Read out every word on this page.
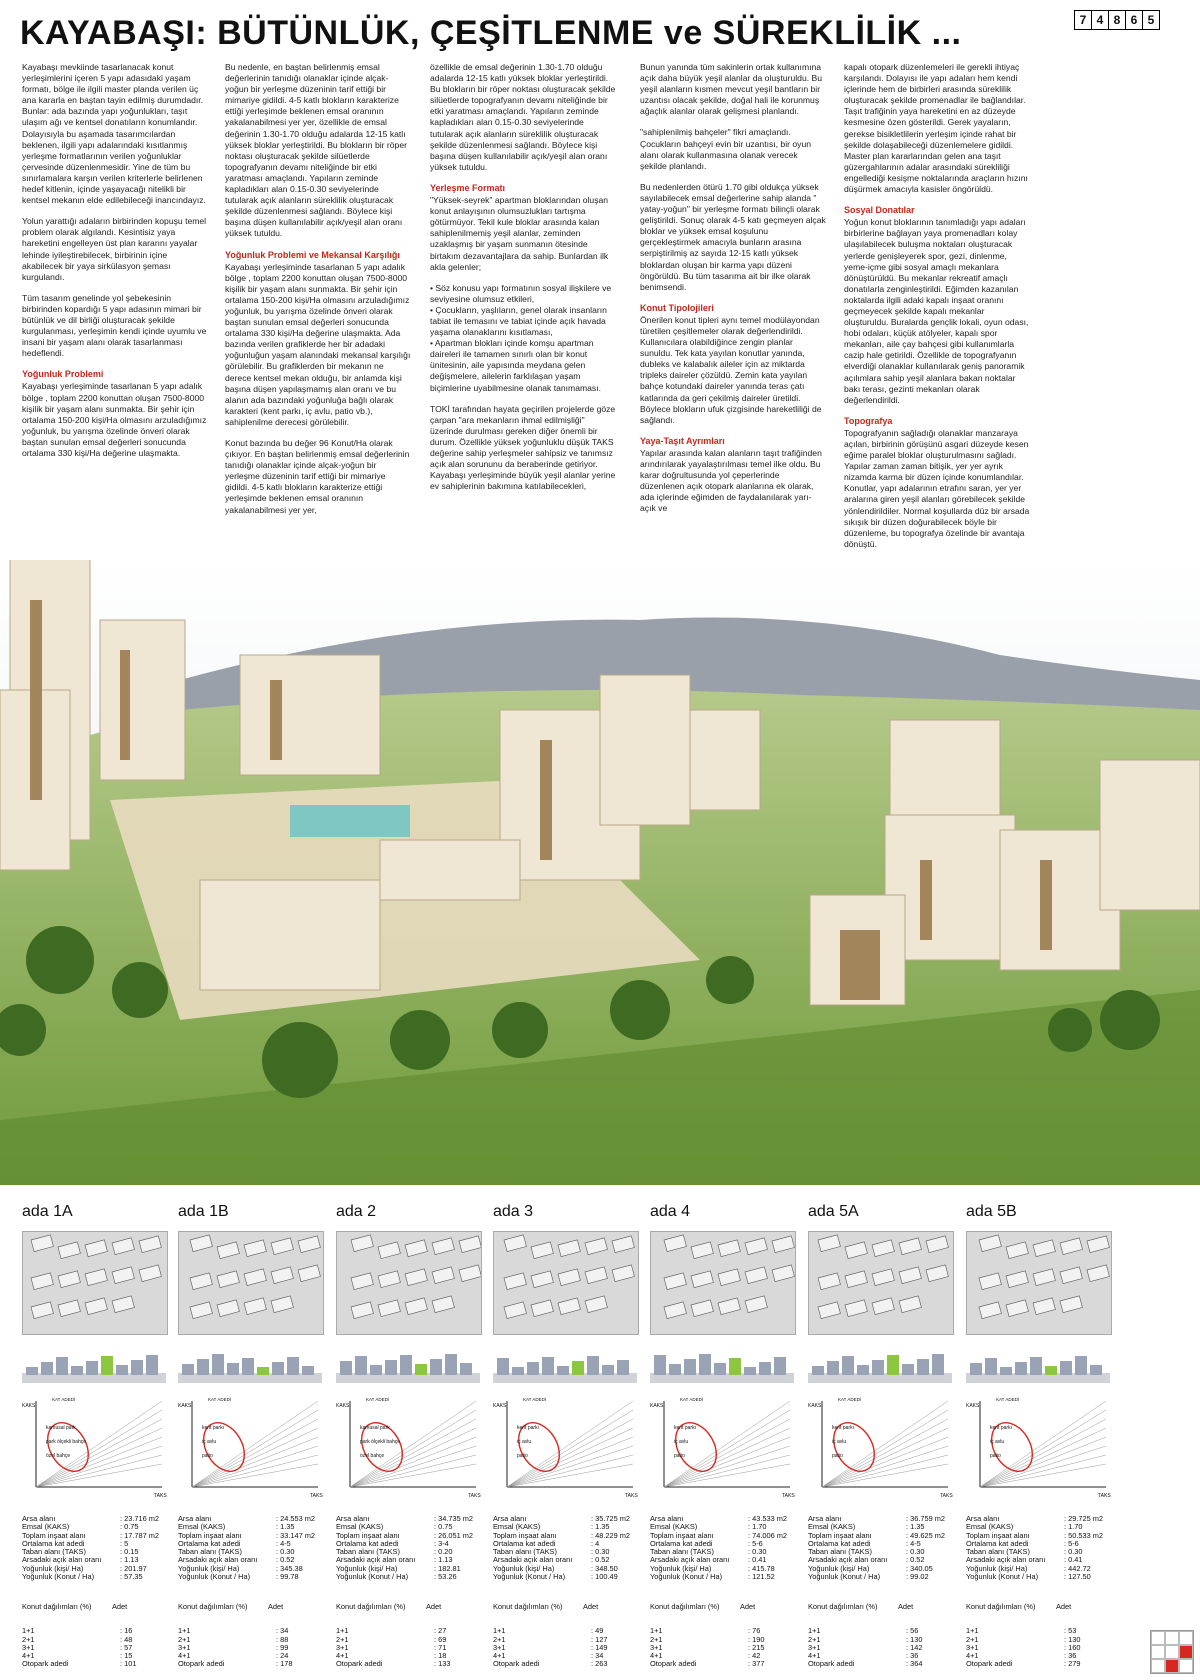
KAYABAŞI: BÜTÜNLÜK, ÇEŞİTLENME ve SÜREKLİLİK ...	7 4 8 6 5

Kayabaşı mevkiinde tasarlanacak konut yerleşimlerini içeren 5 yapı adasıdaki yaşam formatı, bölge ile ilgili master planda verilen üç ana kararla en baştan tayin edilmiş durumdadır. Bunlar: ada bazında yapı yoğunlukları, taşıt ulaşım ağı ve kentsel donatıların konumlandır. Dolayısıyla bu aşamada tasarımcılardan beklenen, ilgili yapı adalarındaki kısıtlanmış yerleşme formatlarının verilen yoğunluklar çervesinde düzenlenmesidir. Yine de tüm bu sınırlamalara karşın verilen kriterlerle belirlenen hedef kitlenin, içinde yaşayacağı nitelikli bir kentsel mekanın elde edilebileceği inancındayız.

Yolun yarattığı adaların birbirinden kopuşu temel problem olarak algılandı. Kesintisiz yaya hareketini engelleyen üst plan kararını yayalar lehinde iyileştirebilecek, birbirinin içine akabilecek bir yaya sirkülasyon şeması kurgulandı.

Tüm tasarım genelinde yol şebekesinin birbirinden kopardığı 5 yapı adasının mimari bir bütünlük ve dil birliği oluşturacak şekilde kurgulanması, yerleşimin kendi içinde uyumlu ve insani bir yaşam alanı olarak tasarlanması hedeflendi.

Yoğunluk Problemi

Kayabaşı yerleşiminde tasarlanan 5 yapı adalık bölge , toplam 2200 konuttan oluşan 7500-8000 kişilik bir yaşam alanı sunmakta. Bir şehir için ortalama 150-200 kişi/Ha olmasını arzuladığımız yoğunluk, bu yarışma özelinde önveri olarak baştan sunulan emsal değerleri sonucunda ortalama 330 kişi/Ha değerine ulaşmakta.

Bu nedenle, en baştan belirlenmiş emsal değerlerinin tanıdığı olanaklar içinde alçak-yoğun bir yerleşme düzeninin tarif ettiği bir mimariye gidildi. 4-5 katlı blokların karakterize ettiği yerleşimde beklenen emsal oranının yakalanabilmesi yer yer, özellikle de emsal değerinin 1.30-1.70 olduğu adalarda 12-15 katlı yüksek bloklar yerleştirildi. Bu blokların bir röper noktası oluşturacak şekilde silüetlerde topografyanın devamı niteliğinde bir etki yaratması amaçlandı. Yapıların zeminde kapladıkları alan 0.15-0.30 seviyelerinde tutularak açık alanların süreklilik oluşturacak şekilde düzenlenmesi sağlandı. Böylece kişi başına düşen kullanılabilir açık/yeşil alan oranı yüksek tutuldu.

Yoğunluk Problemi ve Mekansal Karşılığı

Kayabaşı yerleşiminde tasarlanan 5 yapı adalık bölge , toplam 2200 konuttan oluşan 7500-8000 kişilik bir yaşam alanı sunmakta. Bir şehir için ortalama 150-200 kişi/Ha olmasını arzuladığımız yoğunluk, bu yarışma özelinde önveri olarak baştan sunulan emsal değerleri sonucunda ortalama 330 kişi/Ha değerine ulaşmakta. Ada bazında verilen grafiklerde her bir adadaki yoğunluğun yaşam alanındaki mekansal karşılığı görülebilir. Bu grafiklerden bir mekanın ne derece kentsel mekan olduğu, bir anlamda kişi başına düşen yapılaşmamış alan oranı ve bu alanın ada bazındaki yoğunluğa bağlı olarak karakteri (kent parkı, iç avlu, patio vb.), sahiplenilme derecesi görülebilir.

Konut bazında bu değer 96 Konut/Ha olarak çıkıyor. En baştan belirlenmiş emsal değerlerinin tanıdığı olanaklar içinde alçak-yoğun bir yerleşme düzeninin tarif ettiği bir mimariye gidildi. 4-5 katlı blokların karakterize ettiği yerleşimde beklenen emsal oranının yakalanabilmesi yer yer,

özellikle de emsal değerinin 1.30-1.70 olduğu adalarda 12-15 katlı yüksek bloklar yerleştirildi. Bu blokların bir röper noktası oluşturacak şekilde silüetlerde topografyanın devamı niteliğinde bir etki yaratması amaçlandı. Yapıların zeminde kapladıkları alan 0.15-0.30 seviyelerinde tutularak açık alanların süreklilik oluşturacak şekilde düzenlenmesi sağlandı. Böylece kişi başına düşen kullanılabilir açık/yeşil alan oranı yüksek tutuldu.

Yerleşme Formatı

"Yüksek-seyrek" apartman bloklarından oluşan konut anlayışının olumsuzlukları tartışma götürmüyor. Tekil kule bloklar arasında kalan sahiplenilmemiş yeşil alanlar, zeminden uzaklaşmış bir yaşam sunmanın ötesinde birtakım dezavantajlara da sahip. Bunlardan ilk akla gelenler;

• Söz konusu yapı formatının sosyal ilişkilere ve seviyesine olumsuz etkileri,
• Çocukların, yaşlıların, genel olarak insanların tabiat ile temasını ve tabiat içinde açık havada yaşama olanaklarını kısıtlaması,
• Apartman blokları içinde komşu apartman daireleri ile tamamen sınırlı olan bir konut ünitesinin, aile yapısında meydana gelen değişmelere, ailelerin farklılaşan yaşam biçimlerine uyabilmesine olanak tanımaması.

TOKİ tarafından hayata geçirilen projelerde göze çarpan "ara mekanların ihmal edilmişliği" üzerinde durulması gereken diğer önemli bir durum. Özellikle yüksek yoğunluklu düşük TAKS değerine sahip yerleşmeler sahipsiz ve tanımsız açık alan sorununu da beraberinde getiriyor. Kayabaşı yerleşiminde büyük yeşil alanlar yerine ev sahiplerinin bakımına katılabilecekleri,

Bunun yanında tüm sakinlerin ortak kullanımına açık daha büyük yeşil alanlar da oluşturuldu. Bu yeşil alanların kısmen mevcut yeşil bantların bir uzantısı olacak şekilde, doğal hali ile korunmuş ağaçlık alanlar olarak gelişmesi planlandı.

"sahiplenilmiş bahçeler" fikri amaçlandı. Çocukların bahçeyi evin bir uzantısı, bir oyun alanı olarak kullanmasına olanak verecek şekilde planlandı.

Bu nedenlerden ötürü 1.70 gibi oldukça yüksek sayılabilecek emsal değerlerine sahip alanda " yatay-yoğun" bir yerleşme formatı bilinçli olarak geliştirildi. Sonuç olarak 4-5 katı geçmeyen alçak bloklar ve yüksek emsal koşulunu gerçekleştirmek amacıyla bunların arasına serpiştirilmiş az sayıda 12-15 katlı yüksek bloklardan oluşan bir karma yapı düzeni öngörüldü. Bu tüm tasarıma ait bir ilke olarak benimsendi.

Konut Tipolojileri

Önerilen konut tipleri aynı temel modülayondan türetilen çeşitlemeler olarak değerlendirildi. Kullanıcılara olabildiğince zengin planlar sunuldu. Tek kata yayılan konutlar yanında, dubleks ve kalabalık aileler için az miktarda tripleks daireler çözüldü. Zemin kata yayılan bahçe kotundaki daireler yanında teras çatı katlarında da geri çekilmiş daireler üretildi. Böylece blokların ufuk çizgisinde hareketliliği de sağlandı.

Yaya-Taşıt Ayrımları

Yapılar arasında kalan alanların taşıt trafiğinden arındırılarak yayalaştırılması temel ilke oldu. Bu karar doğrultusunda yol çeperlerinde düzenlenen açık otopark alanlarına ek olarak, ada içlerinde eğimden de faydalanılarak yarı-açık ve

kapalı otopark düzenlemeleri ile gerekli ihtiyaç karşılandı. Dolayısı ile yapı adaları hem kendi içlerinde hem de birbirleri arasında süreklilik oluşturacak şekilde promenadlar ile bağlandılar. Taşıt trafiğinin yaya hareketini en az düzeyde kesmesine özen gösterildi. Gerek yayaların, gerekse bisikletlilerin yerleşim içinde rahat bir şekilde dolaşabileceği düzenlemelere gidildi. Master plan kararlarından gelen ana taşıt güzergahlarının adalar arasındaki sürekliliği engellediği kesişme noktalarında araçların hızını düşürmek amacıyla kasisler öngörüldü.

Sosyal Donatılar

Yoğun konut bloklarının tanımladığı yapı adaları birbirlerine bağlayan yaya promenadları kolay ulaşılabilecek buluşma noktaları oluşturacak yerlerde genişleyerek spor, gezi, dinlenme, yeme-içme gibi sosyal amaçlı mekanlara dönüştürüldü. Bu mekanlar rekreatif amaçlı donatılarla zenginleştirildi. Eğimden kazanılan noktalarda ilgili adaki kapalı inşaat oranını geçmeyecek şekilde kapalı mekanlar oluşturuldu. Buralarda gençlik lokali, oyun odası, hobi odaları, küçük atölyeler, kapalı spor mekanları, aile çay bahçesi gibi kullanımlarla cazip hale getirildi. Özellikle de topografyanın elverdiği olanaklar kullanılarak geniş panoramik açılımlara sahip yeşil alanlara bakan noktalar bakı terası, gezinti mekanları olarak değerlendirildi.

Topografya

Topografyanın sağladığı olanaklar manzaraya açılan, birbirinin görüşünü asgari düzeyde kesen eğime paralel bloklar oluşturulmasını sağladı. Yapılar zaman zaman bitişik, yer yer ayrık nizamda karma bir düzen içinde konumlandılar. Konutlar, yapı adalarının etrafını saran, yer yer aralarına giren yeşil alanları görebilecek şekilde yönlendirildiler. Normal koşullarda düz bir arsada sıkışık bir düzen doğurabilecek böyle bir düzenleme, bu topografya özelinde bir avantaja dönüştü.

ada 1A
KAKS
TAKS
KAT ADEDİ
kamusal park
park ölçekli bahçe
özel bahçe
Arsa alanı	: 23.716 m2
Emsal (KAKS)	: 0.75
Toplam inşaat alanı	: 17.787 m2
Ortalama kat adedi	: 5
Taban alanı (TAKS)	: 0.15
Arsadaki açık alan oranı	: 1.13
Yoğunluk (kişi/ Ha)	: 201.97
Yoğunluk (Konut / Ha)	: 57.35
Konut dağılımları (%)	Adet
1+1	: 16
2+1	: 48
3+1	: 57
4+1	: 15
Otopark adedi	: 101
ada 1B
KAKS
TAKS
KAT ADEDİ
kent parkı
iç avlu
patio
Arsa alanı	: 24.553 m2
Emsal (KAKS)	: 1.35
Toplam inşaat alanı	: 33.147 m2
Ortalama kat adedi	: 4-5
Taban alanı (TAKS)	: 0.30
Arsadaki açık alan oranı	: 0.52
Yoğunluk (kişi/ Ha)	: 345.38
Yoğunluk (Konut / Ha)	: 99.78
Konut dağılımları (%)	Adet
1+1	: 34
2+1	: 88
3+1	: 99
4+1	: 24
Otopark adedi	: 178
ada 2
KAKS
TAKS
KAT ADEDİ
kamusal park
park ölçekli bahçe
özel bahçe
Arsa alanı	: 34.735 m2
Emsal (KAKS)	: 0.75
Toplam inşaat alanı	: 26.051 m2
Ortalama kat adedi	: 3-4
Taban alanı (TAKS)	: 0.20
Arsadaki açık alan oranı	: 1.13
Yoğunluk (kişi/ Ha)	: 182.81
Yoğunluk (Konut / Ha)	: 53.26
Konut dağılımları (%)	Adet
1+1	: 27
2+1	: 69
3+1	: 71
4+1	: 18
Otopark adedi	: 133
ada 3
KAKS
TAKS
KAT ADEDİ
kent parkı
iç avlu
patio
Arsa alanı	: 35.725 m2
Emsal (KAKS)	: 1.35
Toplam inşaat alanı	: 48.229 m2
Ortalama kat adedi	: 4
Taban alanı (TAKS)	: 0.30
Arsadaki açık alan oranı	: 0.52
Yoğunluk (kişi/ Ha)	: 348.50
Yoğunluk (Konut / Ha)	: 100.49
Konut dağılımları (%)	Adet
1+1	: 49
2+1	: 127
3+1	: 149
4+1	: 34
Otopark adedi	: 263
ada 4
KAKS
TAKS
KAT ADEDİ
kent parkı
iç avlu
patio
Arsa alanı	: 43.533 m2
Emsal (KAKS)	: 1.70
Toplam inşaat alanı	: 74.006 m2
Ortalama kat adedi	: 5-6
Taban alanı (TAKS)	: 0.30
Arsadaki açık alan oranı	: 0.41
Yoğunluk (kişi/ Ha)	: 415.78
Yoğunluk (Konut / Ha)	: 121.52
Konut dağılımları (%)	Adet
1+1	: 76
2+1	: 190
3+1	: 215
4+1	: 42
Otopark adedi	: 377
ada 5A
KAKS
TAKS
KAT ADEDİ
kent parkı
iç avlu
patio
Arsa alanı	: 36.759 m2
Emsal (KAKS)	: 1.35
Toplam inşaat alanı	: 49.625 m2
Ortalama kat adedi	: 4-5
Taban alanı (TAKS)	: 0.30
Arsadaki açık alan oranı	: 0.52
Yoğunluk (kişi/ Ha)	: 340.05
Yoğunluk (Konut / Ha)	: 99.02
Konut dağılımları (%)	Adet
1+1	: 56
2+1	: 130
3+1	: 142
4+1	: 36
Otopark adedi	: 364
ada 5B
KAKS
TAKS
KAT ADEDİ
kent parkı
iç avlu
patio
Arsa alanı	: 29.725 m2
Emsal (KAKS)	: 1.70
Toplam inşaat alanı	: 50.533 m2
Ortalama kat adedi	: 5-6
Taban alanı (TAKS)	: 0.30
Arsadaki açık alan oranı	: 0.41
Yoğunluk (kişi/ Ha)	: 442.72
Yoğunluk (Konut / Ha)	: 127.50
Konut dağılımları (%)	Adet
1+1	: 53
2+1	: 130
3+1	: 160
4+1	: 36
Otopark adedi	: 279
